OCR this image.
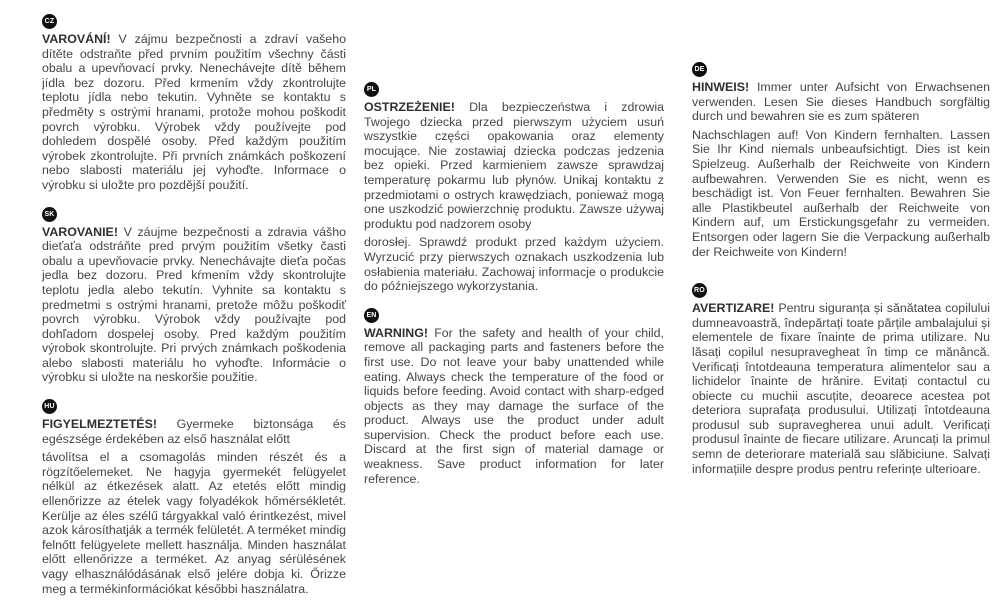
CZ

VAROVÁNÍ! V zájmu bezpečnosti a zdraví vašeho dítěte odstraňte před prvním použitím všechny části obalu a upevňovací prvky. Nenechávejte dítě během jídla bez dozoru. Před krmením vždy zkontrolujte teplotu jídla nebo tekutin. Vyhněte se kontaktu s předměty s ostrými hranami, protože mohou poškodit povrch výrobku. Výrobek vždy používejte pod dohledem dospělé osoby. Před každým použitím výrobek zkontrolujte. Při prvních známkách poškození nebo slabosti materiálu jej vyhoďte. Informace o výrobku si uložte pro pozdější použití.

SK

VAROVANIE! V záujme bezpečnosti a zdravia vášho dieťaťa odstráňte pred prvým použitím všetky časti obalu a upevňovacie prvky. Nenechávajte dieťa počas jedla bez dozoru. Pred kŕmením vždy skontrolujte teplotu jedla alebo tekutín. Vyhnite sa kontaktu s predmetmi s ostrými hranami, pretože môžu poškodiť povrch výrobku. Výrobok vždy používajte pod dohľadom dospelej osoby. Pred každým použitím výrobok skontrolujte. Pri prvých známkach poškodenia alebo slabosti materiálu ho vyhoďte. Informácie o výrobku si uložte na neskoršie použitie.

HU

FIGYELMEZTETÉS! Gyermeke biztonsága és egészsége érdekében az első használat előtt

távolítsa el a csomagolás minden részét és a rögzítőelemeket. Ne hagyja gyermekét felügyelet nélkül az étkezések alatt. Az etetés előtt mindig ellenőrizze az ételek vagy folyadékok hőmérsékletét. Kerülje az éles szélű tárgyakkal való érintkezést, mivel azok károsíthatják a termék felületét. A terméket mindig felnőtt felügyelete mellett használja. Minden használat előtt ellenőrizze a terméket. Az anyag sérülésének vagy elhasználódásának első jelére dobja ki. Őrizze meg a termékinformációkat későbbi használatra.

PL

OSTRZEŻENIE! Dla bezpieczeństwa i zdrowia Twojego dziecka przed pierwszym użyciem usuń wszystkie części opakowania oraz elementy mocujące. Nie zostawiaj dziecka podczas jedzenia bez opieki. Przed karmieniem zawsze sprawdzaj temperaturę pokarmu lub płynów. Unikaj kontaktu z przedmiotami o ostrych krawędziach, ponieważ mogą one uszkodzić powierzchnię produktu. Zawsze używaj produktu pod nadzorem osoby

dorosłej. Sprawdź produkt przed każdym użyciem. Wyrzucić przy pierwszych oznakach uszkodzenia lub osłabienia materiału. Zachowaj informacje o produkcie do późniejszego wykorzystania.

EN

WARNING! For the safety and health of your child, remove all packaging parts and fasteners before the first use. Do not leave your baby unattended while eating. Always check the temperature of the food or liquids before feeding. Avoid contact with sharp-edged objects as they may damage the surface of the product. Always use the product under adult supervision. Check the product before each use. Discard at the first sign of material damage or weakness. Save product information for later reference.

DE

HINWEIS! Immer unter Aufsicht von Erwachsenen verwenden. Lesen Sie dieses Handbuch sorgfältig durch und bewahren sie es zum späteren

Nachschlagen auf! Von Kindern fernhalten. Lassen Sie Ihr Kind niemals unbeaufsichtigt. Dies ist kein Spielzeug. Außerhalb der Reichweite von Kindern aufbewahren. Verwenden Sie es nicht, wenn es beschädigt ist. Von Feuer fernhalten. Bewahren Sie alle Plastikbeutel außerhalb der Reichweite von Kindern auf, um Erstickungsgefahr zu vermeiden. Entsorgen oder lagern Sie die Verpackung außerhalb der Reichweite von Kindern!

RO

AVERTIZARE! Pentru siguranța și sănătatea copilului dumneavoastră, îndepărtați toate părțile ambalajului și elementele de fixare înainte de prima utilizare. Nu lăsați copilul nesupravegheat în timp ce mănâncă. Verificați întotdeauna temperatura alimentelor sau a lichidelor înainte de hrănire. Evitați contactul cu obiecte cu muchii ascuțite, deoarece acestea pot deteriora suprafața produsului. Utilizați întotdeauna produsul sub supravegherea unui adult. Verificați produsul înainte de fiecare utilizare. Aruncați la primul semn de deteriorare materială sau slăbiciune. Salvați informațiile despre produs pentru referințe ulterioare.
